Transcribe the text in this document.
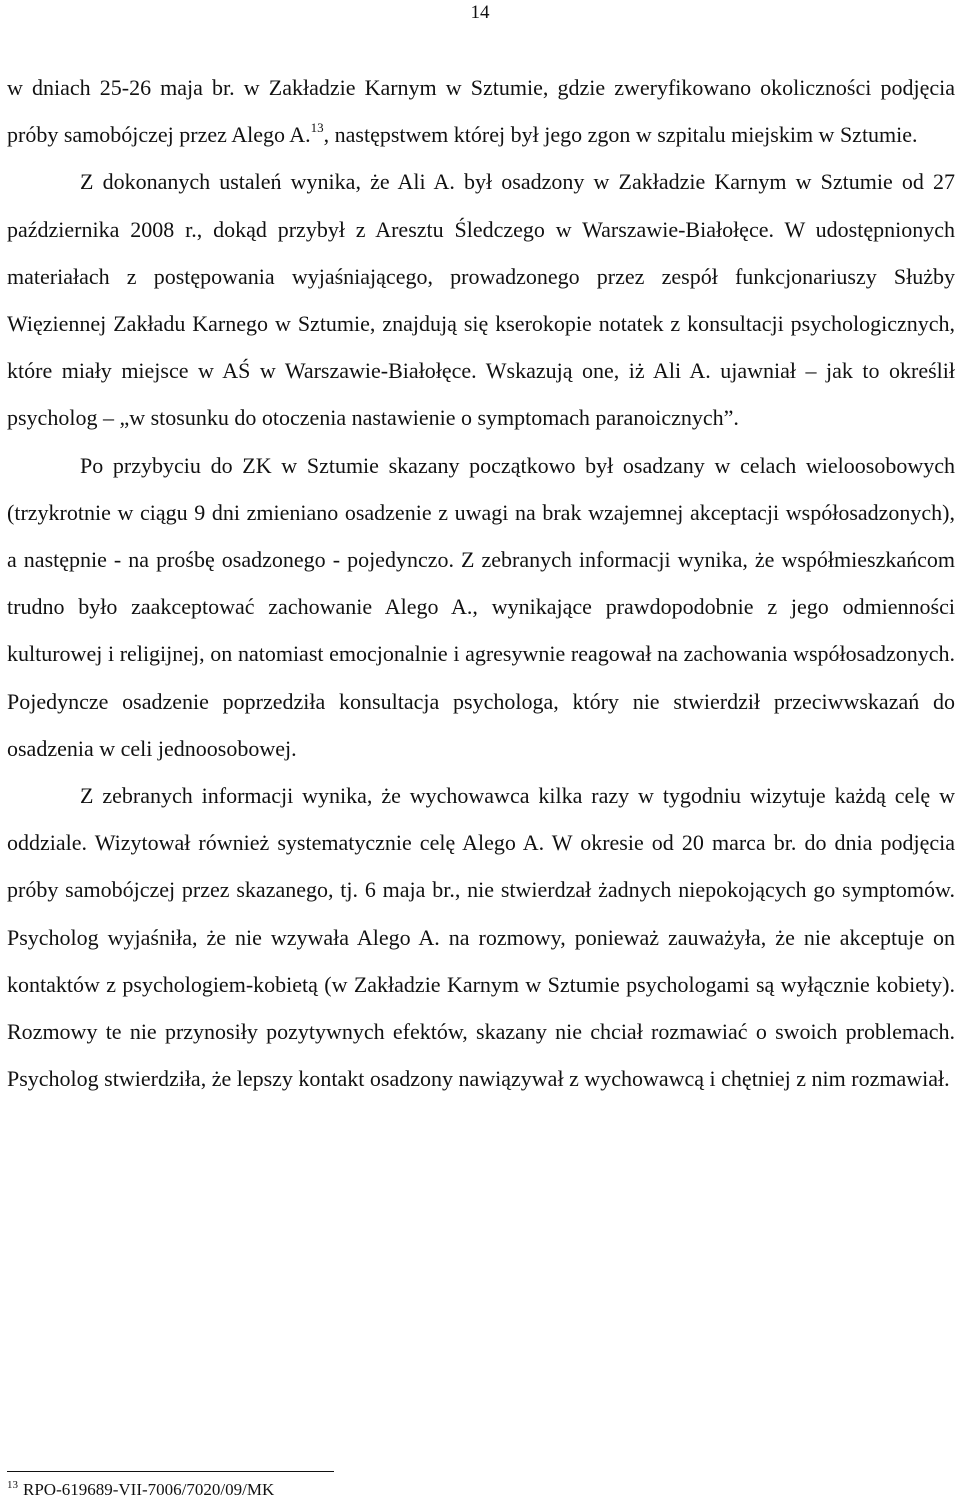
14

w dniach 25-26 maja br. w Zakładzie Karnym w Sztumie, gdzie zweryfikowano okoliczności podjęcia próby samobójczej przez Alego A.$^{13}$, następstwem której był jego zgon w szpitalu miejskim w Sztumie.

Z dokonanych ustaleń wynika, że Ali A. był osadzony w Zakładzie Karnym w Sztumie od 27 października 2008 r., dokąd przybył z Aresztu Śledczego w Warszawie-Białołęce. W udostępnionych materiałach z postępowania wyjaśniającego, prowadzonego przez zespół funkcjonariuszy Służby Więziennej Zakładu Karnego w Sztumie, znajdują się kserokopie notatek z konsultacji psychologicznych, które miały miejsce w AŚ w Warszawie-Białołęce. Wskazują one, iż Ali A. ujawniał – jak to określił psycholog – „w stosunku do otoczenia nastawienie o symptomach paranoicznych”.

Po przybyciu do ZK w Sztumie skazany początkowo był osadzany w celach wieloosobowych (trzykrotnie w ciągu 9 dni zmieniano osadzenie z uwagi na brak wzajemnej akceptacji współosadzonych), a następnie - na prośbę osadzonego - pojedynczo. Z zebranych informacji wynika, że współmieszkańcom trudno było zaakceptować zachowanie Alego A., wynikające prawdopodobnie z jego odmienności kulturowej i religijnej, on natomiast emocjonalnie i agresywnie reagował na zachowania współosadzonych. Pojedyncze osadzenie poprzedziła konsultacja psychologa, który nie stwierdził przeciwwskazań do osadzenia w celi jednoosobowej.

Z zebranych informacji wynika, że wychowawca kilka razy w tygodniu wizytuje każdą celę w oddziale. Wizytował również systematycznie celę Alego A. W okresie od 20 marca br. do dnia podjęcia próby samobójczej przez skazanego, tj. 6 maja br., nie stwierdzał żadnych niepokojących go symptomów. Psycholog wyjaśniła, że nie wzywała Alego A. na rozmowy, ponieważ zauważyła, że nie akceptuje on kontaktów z psychologiem-kobietą (w Zakładzie Karnym w Sztumie psychologami są wyłącznie kobiety). Rozmowy te nie przynosiły pozytywnych efektów, skazany nie chciał rozmawiać o swoich problemach. Psycholog stwierdziła, że lepszy kontakt osadzony nawiązywał z wychowawcą i chętniej z nim rozmawiał.

$^{13}$ RPO-619689-VII-7006/7020/09/MK
